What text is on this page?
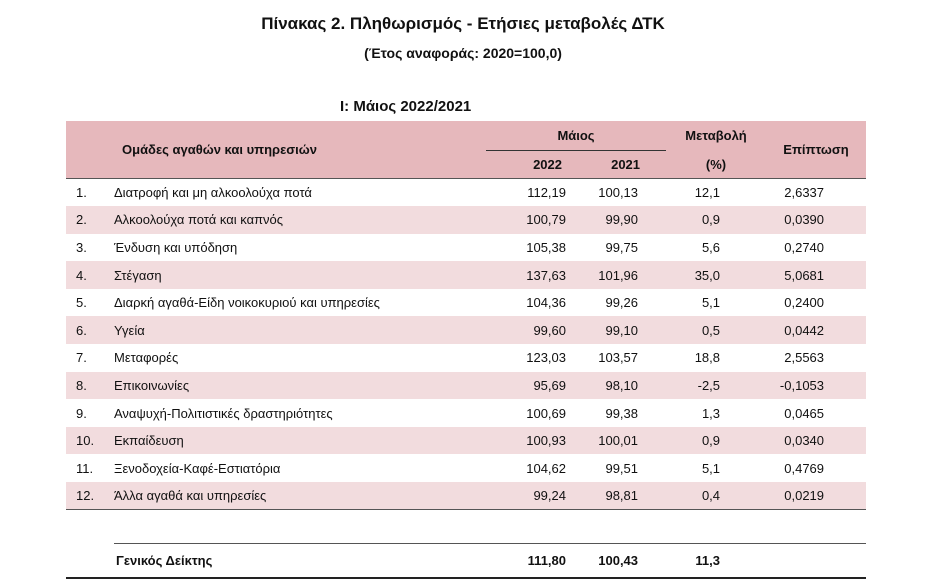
Πίνακας 2. Πληθωρισμός - Ετήσιες μεταβολές ΔΤΚ
(Έτος αναφοράς: 2020=100,0)
Ι: Μάιος 2022/2021
Ομάδες αγαθών και υπηρεσιών		Μάιος		Μεταβολή	Επίπτωση
		2022	2021	(%)	
1.	Διατροφή και μη αλκοολούχα ποτά	112,19	100,13	12,1	2,6337
2.	Αλκοολούχα ποτά και καπνός	100,79	99,90	0,9	0,0390
3.	Ένδυση και υπόδηση	105,38	99,75	5,6	0,2740
4.	Στέγαση	137,63	101,96	35,0	5,0681
5.	Διαρκή αγαθά-Είδη νοικοκυριού και υπηρεσίες	104,36	99,26	5,1	0,2400
6.	Υγεία	99,60	99,10	0,5	0,0442
7.	Μεταφορές	123,03	103,57	18,8	2,5563
8.	Επικοινωνίες	95,69	98,10	-2,5	-0,1053
9.	Αναψυχή-Πολιτιστικές δραστηριότητες	100,69	99,38	1,3	0,0465
10.	Εκπαίδευση	100,93	100,01	0,9	0,0340
11.	Ξενοδοχεία-Καφέ-Εστιατόρια	104,62	99,51	5,1	0,4769
12.	Άλλα αγαθά και υπηρεσίες	99,24	98,81	0,4	0,0219

	Γενικός Δείκτης	111,80	100,43	11,3	
